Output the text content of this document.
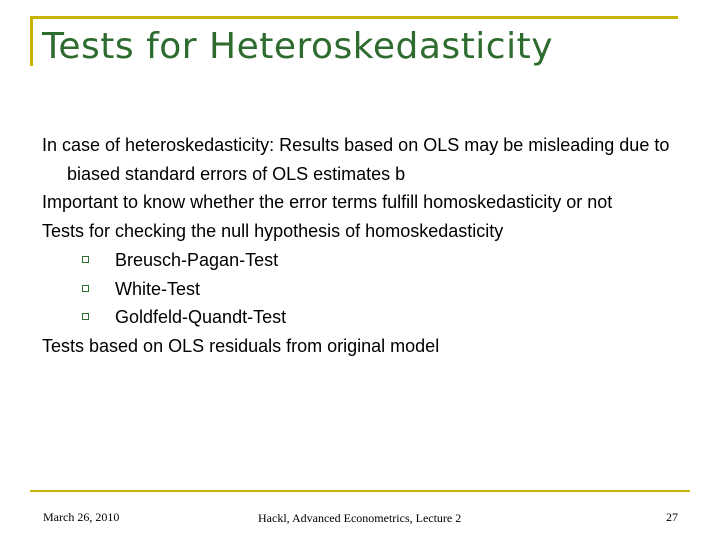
Tests for Heteroskedasticity
In case of heteroskedasticity: Results based on OLS may be misleading due to biased standard errors of OLS estimates b
Important to know whether the error terms fulfill homoskedasticity or not
Tests for checking the null hypothesis of homoskedasticity
Breusch-Pagan-Test
White-Test
Goldfeld-Quandt-Test
Tests based on OLS residuals from original model
March 26, 2010	Hackl, Advanced Econometrics, Lecture 2	27
